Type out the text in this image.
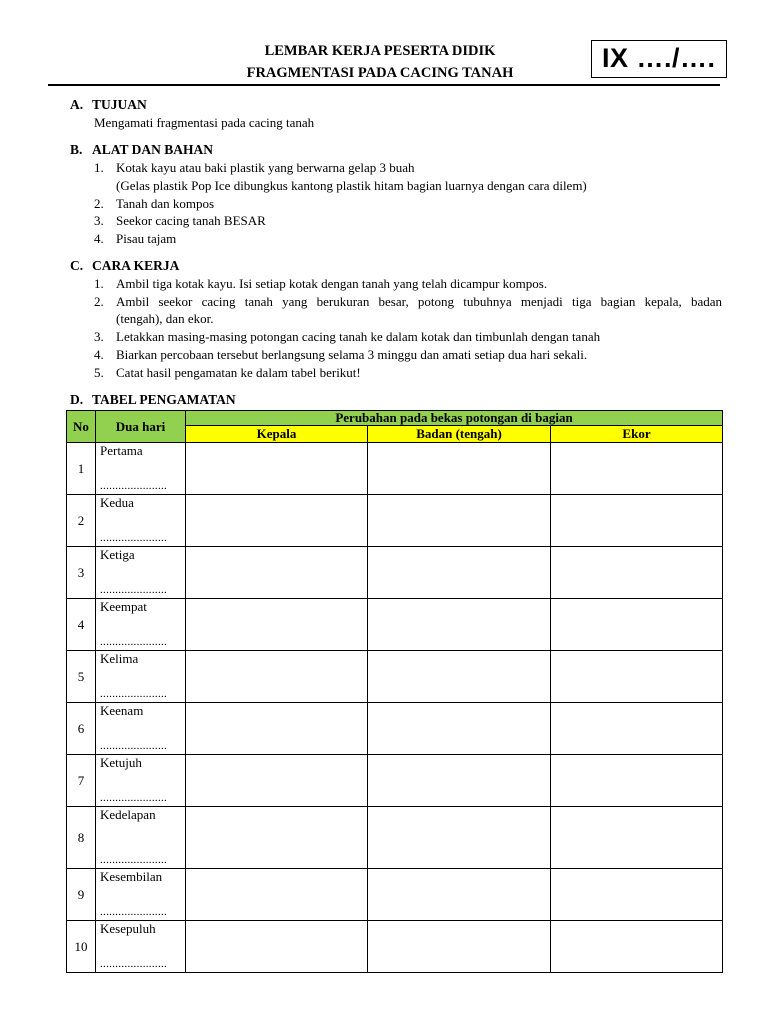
LEMBAR KERJA PESERTA DIDIK
FRAGMENTASI PADA CACING TANAH	IX …./….
A. TUJUAN
Mengamati fragmentasi pada cacing tanah
B. ALAT DAN BAHAN
1. Kotak kayu atau baki plastik yang berwarna gelap 3 buah
(Gelas plastik Pop Ice dibungkus kantong plastik hitam bagian luarnya dengan cara dilem)
2. Tanah dan kompos
3. Seekor cacing tanah BESAR
4. Pisau tajam
C. CARA KERJA
1. Ambil tiga kotak kayu. Isi setiap kotak dengan tanah yang telah dicampur kompos.
2. Ambil seekor cacing tanah yang berukuran besar, potong tubuhnya menjadi tiga bagian kepala, badan
(tengah), dan ekor.
3. Letakkan masing-masing potongan cacing tanah ke dalam kotak dan timbunlah dengan tanah
4. Biarkan percobaan tersebut berlangsung selama 3 minggu dan amati setiap dua hari sekali.
5. Catat hasil pengamatan ke dalam tabel berikut!
D. TABEL PENGAMATAN
No	Dua hari	Perubahan pada bekas potongan di bagian		
		Kepala	Badan (tengah)	Ekor
1	Pertama
......................			

2	Kedua
......................			

3	Ketiga
......................			

4	Keempat
......................			

5	Kelima
......................			

6	Keenam
......................			

7	Ketujuh
......................			

8	Kedelapan
......................			

9	Kesembilan
......................			

10	Kesepuluh
......................			
